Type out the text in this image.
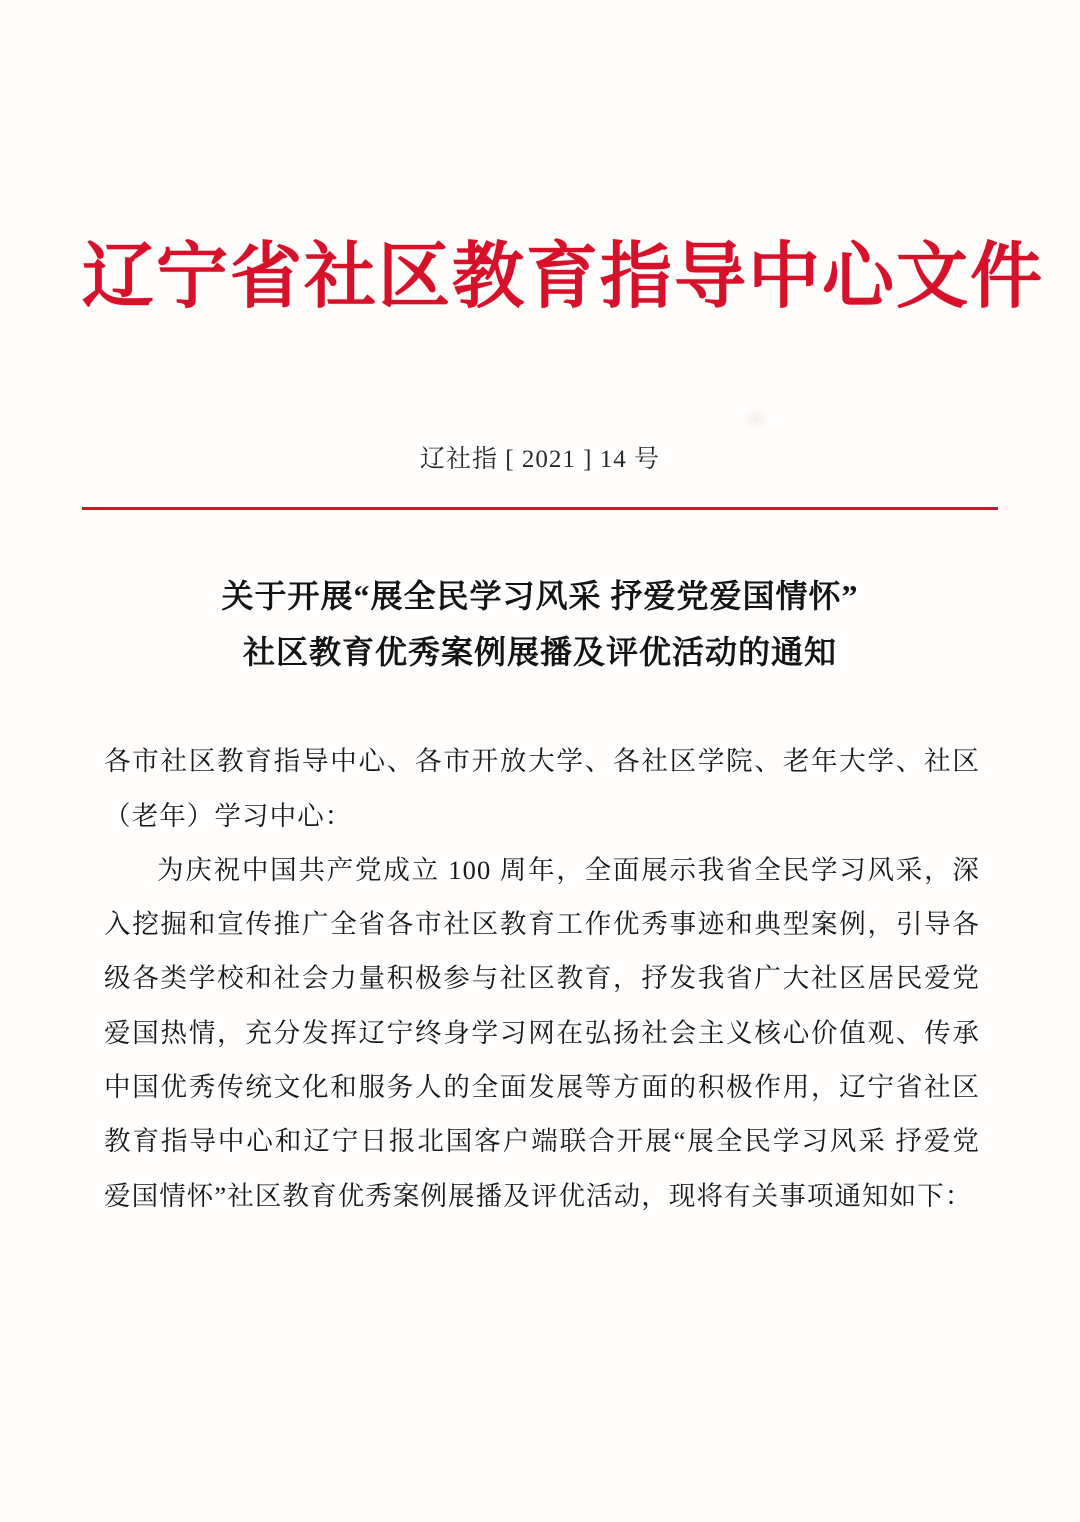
辽宁省社区教育指导中心文件
辽社指 [ 2021 ] 14 号
关于开展“展全民学习风采 抒爱党爱国情怀”
社区教育优秀案例展播及评优活动的通知

各市社区教育指导中心、各市开放大学、各社区学院、老年大学、社区（老年）学习中心：

为庆祝中国共产党成立 100 周年，全面展示我省全民学习风采，深入挖掘和宣传推广全省各市社区教育工作优秀事迹和典型案例，引导各级各类学校和社会力量积极参与社区教育，抒发我省广大社区居民爱党爱国热情，充分发挥辽宁终身学习网在弘扬社会主义核心价值观、传承中国优秀传统文化和服务人的全面发展等方面的积极作用，辽宁省社区教育指导中心和辽宁日报北国客户端联合开展“展全民学习风采 抒爱党爱国情怀”社区教育优秀案例展播及评优活动，现将有关事项通知如下：
